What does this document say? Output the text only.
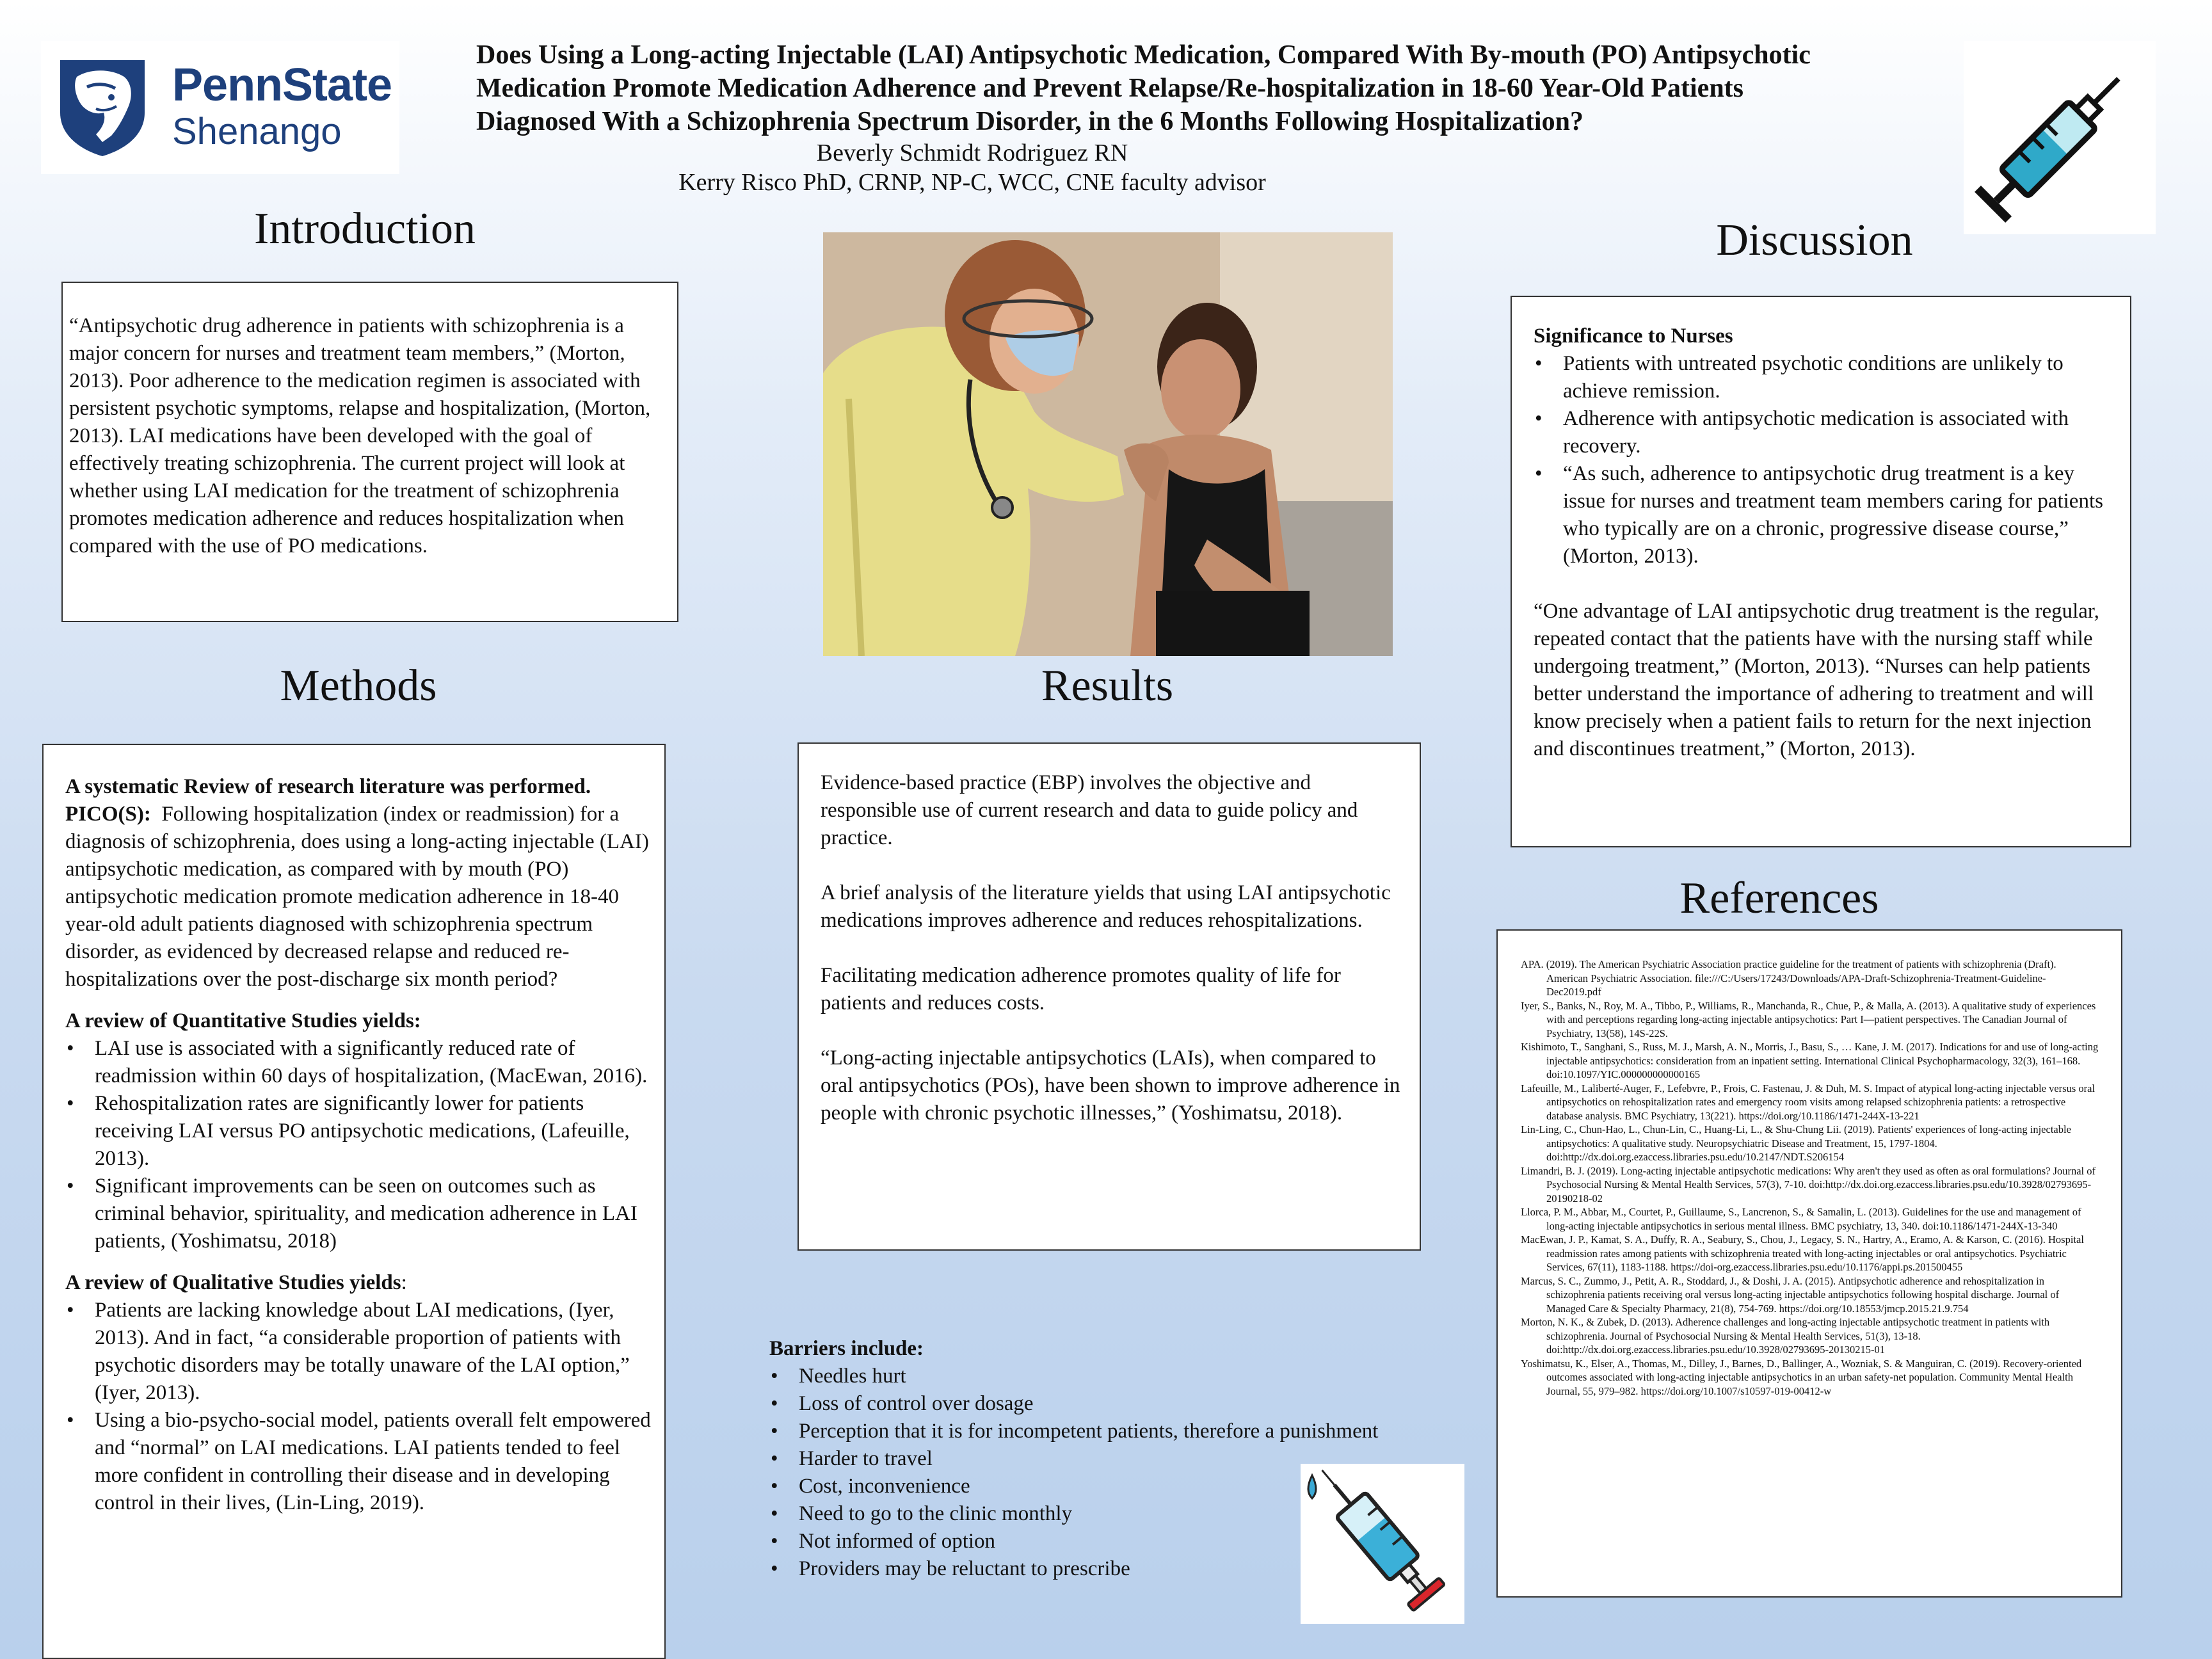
PennState
Shenango

Does Using a Long-acting Injectable (LAI) Antipsychotic Medication, Compared With By-mouth (PO) Antipsychotic

Medication Promote Medication Adherence and Prevent Relapse/Re-hospitalization in 18-60 Year-Old Patients

Diagnosed With a Schizophrenia Spectrum Disorder, in the 6 Months Following Hospitalization?

Beverly Schmidt Rodriguez RN
Kerry Risco PhD, CRNP, NP-C, WCC, CNE faculty advisor
Introduction

“Antipsychotic drug adherence in patients with schizophrenia is a major concern for nurses and treatment team members,” (Morton, 2013). Poor adherence to the medication regimen is associated with persistent psychotic symptoms, relapse and hospitalization, (Morton, 2013). LAI medications have been developed with the goal of effectively treating schizophrenia. The current project will look at whether using LAI medication for the treatment of schizophrenia promotes medication adherence and reduces hospitalization when compared with the use of PO medications.

Methods

A systematic Review of research literature was performed.

PICO(S): Following hospitalization (index or readmission) for a diagnosis of schizophrenia, does using a long-acting injectable (LAI) antipsychotic medication, as compared with by mouth (PO) antipsychotic medication promote medication adherence in 18-40 year-old adult patients diagnosed with schizophrenia spectrum disorder, as evidenced by decreased relapse and reduced re-hospitalizations over the post-discharge six month period?

A review of Quantitative Studies yields:

• LAI use is associated with a significantly reduced rate of readmission within 60 days of hospitalization, (MacEwan, 2016).
• Rehospitalization rates are significantly lower for patients receiving LAI versus PO antipsychotic medications, (Lafeuille, 2013).
• Significant improvements can be seen on outcomes such as criminal behavior, spirituality, and medication adherence in LAI patients, (Yoshimatsu, 2018)

A review of Qualitative Studies yields:

• Patients are lacking knowledge about LAI medications, (Iyer, 2013). And in fact, “a considerable proportion of patients with psychotic disorders may be totally unaware of the LAI option,” (Iyer, 2013).
• Using a bio-psycho-social model, patients overall felt empowered and “normal” on LAI medications. LAI patients tended to feel more confident in controlling their disease and in developing control in their lives, (Lin-Ling, 2019).
Results

Evidence-based practice (EBP) involves the objective and responsible use of current research and data to guide policy and practice.

A brief analysis of the literature yields that using LAI antipsychotic medications improves adherence and reduces rehospitalizations.

Facilitating medication adherence promotes quality of life for patients and reduces costs.

“Long-acting injectable antipsychotics (LAIs), when compared to oral antipsychotics (POs), have been shown to improve adherence in people with chronic psychotic illnesses,” (Yoshimatsu, 2018).

Barriers include:

• Needles hurt
• Loss of control over dosage
• Perception that it is for incompetent patients, therefore a punishment
• Harder to travel
• Cost, inconvenience
• Need to go to the clinic monthly
• Not informed of option
• Providers may be reluctant to prescribe
Discussion

Significance to Nurses

• Patients with untreated psychotic conditions are unlikely to achieve remission.
• Adherence with antipsychotic medication is associated with recovery.
• “As such, adherence to antipsychotic drug treatment is a key issue for nurses and treatment team members caring for patients who typically are on a chronic, progressive disease course,” (Morton, 2013).

“One advantage of LAI antipsychotic drug treatment is the regular, repeated contact that the patients have with the nursing staff while undergoing treatment,” (Morton, 2013). “Nurses can help patients better understand the importance of adhering to treatment and will know precisely when a patient fails to return for the next injection and discontinues treatment,” (Morton, 2013).

References

APA. (2019). The American Psychiatric Association practice guideline for the treatment of patients with schizophrenia (Draft). American Psychiatric Association. file:///C:/Users/17243/Downloads/APA-Draft-Schizophrenia-Treatment-Guideline-Dec2019.pdf

Iyer, S., Banks, N., Roy, M. A., Tibbo, P., Williams, R., Manchanda, R., Chue, P., & Malla, A. (2013). A qualitative study of experiences with and perceptions regarding long-acting injectable antipsychotics: Part I—patient perspectives. The Canadian Journal of Psychiatry, 13(58), 14S-22S.

Kishimoto, T., Sanghani, S., Russ, M. J., Marsh, A. N., Morris, J., Basu, S., … Kane, J. M. (2017). Indications for and use of long-acting injectable antipsychotics: consideration from an inpatient setting. International Clinical Psychopharmacology, 32(3), 161–168. doi:10.1097/YIC.000000000000165

Lafeuille, M., Laliberté-Auger, F., Lefebvre, P., Frois, C. Fastenau, J. & Duh, M. S. Impact of atypical long-acting injectable versus oral antipsychotics on rehospitalization rates and emergency room visits among relapsed schizophrenia patients: a retrospective database analysis. BMC Psychiatry, 13(221). https://doi.org/10.1186/1471-244X-13-221

Lin-Ling, C., Chun-Hao, L., Chun-Lin, C., Huang-Li, L., & Shu-Chung Lii. (2019). Patients' experiences of long-acting injectable antipsychotics: A qualitative study. Neuropsychiatric Disease and Treatment, 15, 1797-1804. doi:http://dx.doi.org.ezaccess.libraries.psu.edu/10.2147/NDT.S206154

Limandri, B. J. (2019). Long-acting injectable antipsychotic medications: Why aren't they used as often as oral formulations? Journal of Psychosocial Nursing & Mental Health Services, 57(3), 7-10. doi:http://dx.doi.org.ezaccess.libraries.psu.edu/10.3928/02793695-20190218-02

Llorca, P. M., Abbar, M., Courtet, P., Guillaume, S., Lancrenon, S., & Samalin, L. (2013). Guidelines for the use and management of long-acting injectable antipsychotics in serious mental illness. BMC psychiatry, 13, 340. doi:10.1186/1471-244X-13-340

MacEwan, J. P., Kamat, S. A., Duffy, R. A., Seabury, S., Chou, J., Legacy, S. N., Hartry, A., Eramo, A. & Karson, C. (2016). Hospital readmission rates among patients with schizophrenia treated with long-acting injectables or oral antipsychotics. Psychiatric Services, 67(11), 1183-1188. https://doi-org.ezaccess.libraries.psu.edu/10.1176/appi.ps.201500455

Marcus, S. C., Zummo, J., Petit, A. R., Stoddard, J., & Doshi, J. A. (2015). Antipsychotic adherence and rehospitalization in schizophrenia patients receiving oral versus long-acting injectable antipsychotics following hospital discharge. Journal of Managed Care & Specialty Pharmacy, 21(8), 754-769. https://doi.org/10.18553/jmcp.2015.21.9.754

Morton, N. K., & Zubek, D. (2013). Adherence challenges and long-acting injectable antipsychotic treatment in patients with schizophrenia. Journal of Psychosocial Nursing & Mental Health Services, 51(3), 13-18. doi:http://dx.doi.org.ezaccess.libraries.psu.edu/10.3928/02793695-20130215-01

Yoshimatsu, K., Elser, A., Thomas, M., Dilley, J., Barnes, D., Ballinger, A., Wozniak, S. & Manguiran, C. (2019). Recovery-oriented outcomes associated with long-acting injectable antipsychotics in an urban safety-net population. Community Mental Health Journal, 55, 979–982. https://doi.org/10.1007/s10597-019-00412-w
